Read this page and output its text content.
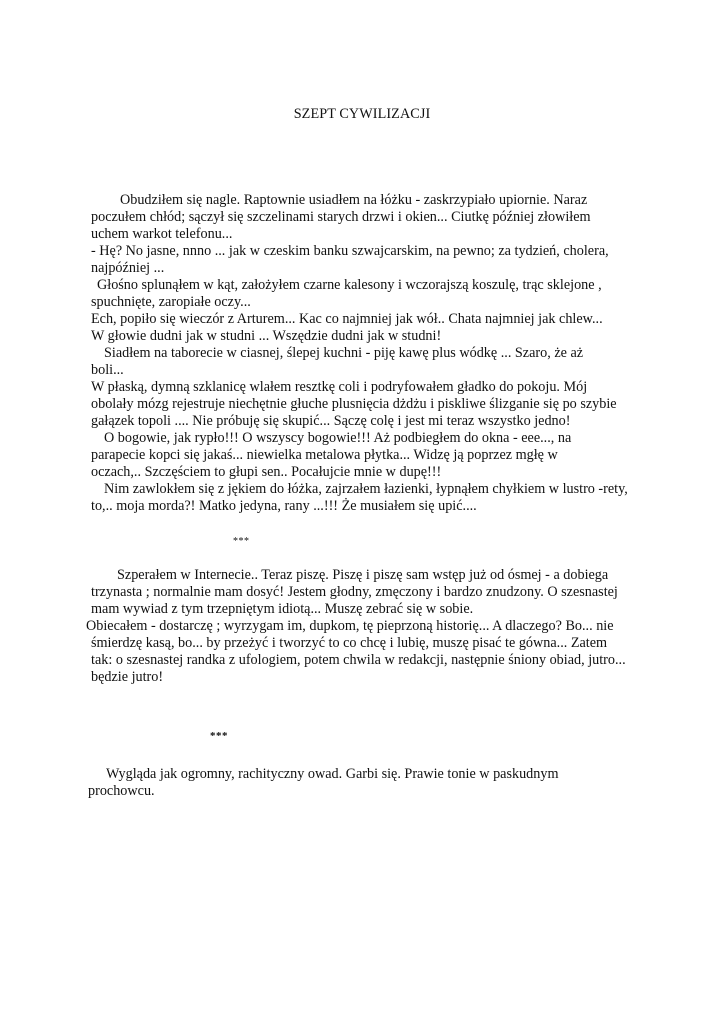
SZEPT CYWILIZACJI
Obudziłem się nagle. Raptownie usiadłem na łóżku - zaskrzypiało upiornie. Naraz
poczułem chłód; sączył się szczelinami starych drzwi i okien... Ciutkę później złowiłem
uchem warkot telefonu...
- Hę? No jasne, nnno ... jak w czeskim banku szwajcarskim, na pewno; za tydzień, cholera,
najpóźniej ...
Głośno splunąłem w kąt, założyłem czarne kalesony i wczorajszą koszulę, trąc sklejone ,
spuchnięte, zaropiałe oczy...
Ech, popiło się wieczór z Arturem... Kac co najmniej jak wół.. Chata najmniej jak chlew...
W głowie dudni jak w studni ... Wszędzie dudni jak w studni!
Siadłem na taborecie w ciasnej, ślepej kuchni - piję kawę plus wódkę ... Szaro, że aż
boli...
W płaską, dymną szklanicę wlałem resztkę coli i podryfowałem gładko do pokoju. Mój
obolały mózg rejestruje niechętnie głuche plusnięcia dżdżu i piskliwe ślizganie się po szybie
gałązek topoli .... Nie próbuję się skupić... Sączę colę i jest mi teraz wszystko jedno!
O bogowie, jak rypło!!! O wszyscy bogowie!!! Aż podbiegłem do okna - eee..., na
parapecie kopci się jakaś... niewielka metalowa płytka... Widzę ją poprzez mgłę w
oczach,.. Szczęściem to głupi sen.. Pocałujcie mnie w dupę!!!
Nim zawlokłem się z jękiem do łóżka, zajrzałem łazienki, łypnąłem chyłkiem w lustro -rety,
to,.. moja morda?! Matko jedyna, rany ...!!! Że musiałem się upić....
***
Szperałem w Internecie.. Teraz piszę. Piszę i piszę sam wstęp już od ósmej - a dobiega
trzynasta ; normalnie mam dosyć! Jestem głodny, zmęczony i bardzo znudzony. O szesnastej
mam wywiad z tym trzepniętym idiotą... Muszę zebrać się w sobie.
Obiecałem - dostarczę ; wyrzygam im, dupkom, tę pieprzoną historię... A dlaczego? Bo... nie
śmierdzę kasą, bo... by przeżyć i tworzyć to co chcę i lubię, muszę pisać te gówna... Zatem
tak: o szesnastej randka z ufologiem, potem chwila w redakcji, następnie śniony obiad, jutro...
będzie jutro!
***
Wygląda jak ogromny, rachityczny owad. Garbi się. Prawie tonie w paskudnym
prochowcu.
